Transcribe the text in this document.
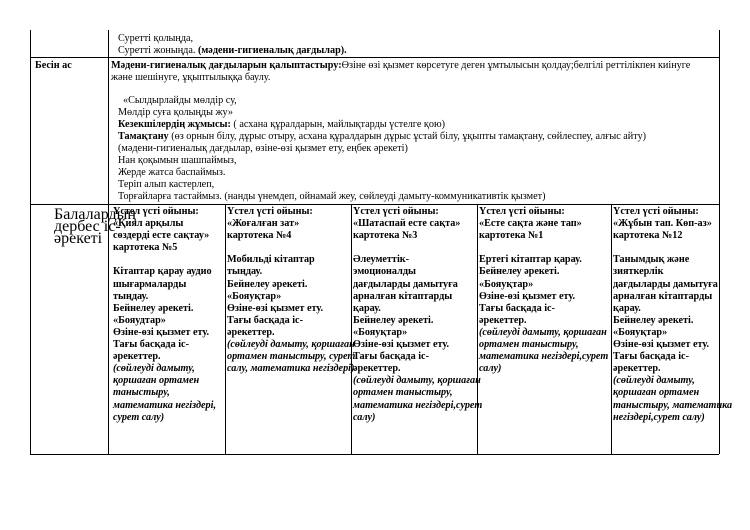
Суреттi қолыңда,
Суреттi жоныңда. (мәдени-гигиеналық дағдылар).
Бесін ас	Мәдени-гигиеналық дағдыларын қалыптастыру:Өзіне өзі қызмет көрсетуге деген ұмтылысын қолдау;белгілі реттілікпен киінуге
және шешінуге, ұқыптылыққа баулу.
«Сылдырлайды мөлдір су,
Мөлдір суға қолыңды жу»
Кезекшілердің жұмысы: ( асхана құралдарын, майлықтарды үстелге қою)
Тамақтану (өз орнын білу, дұрыс отыру, асхана құралдарын дұрыс ұстай білу, ұқыпты тамақтану, сөйлеспеу, алғыс айту)
(мәдени-гигиеналық дағдылар, өзіне-өзі қызмет ету, еңбек әрекеті)
Нан қоқымын шашпаймыз,
Жерде жатса баспаймыз.
Теріп алып кастерлеп,
Торғайларға тастаймыз. (нанды үнемдеп, ойнамай жеу, сөйлеуді дамыту-коммуникативтік қызмет)
Балалардың
дербес іс-
әрекеті
Үстел үсті ойыны:
«Қиял арқылы
сөздерді есте сақтау»
картотека №5
Кітаптар қарау аудио
шығармаларды
тыңдау.
Бейнелеу әрекеті.
«Бояудтар»
Өзіне-өзі қызмет ету.
Тағы басқада іс-
әрекеттер.
(сөйлеуді дамыту,
қоршаған ортамен
таныстыру,
математика негіздері,
сурет салу)
Үстел үсті ойыны:
«Жоғалған зат»
картотека №4
Мобильді кітаптар
тыңдау.
Бейнелеу әрекеті.
«Бояуқтар»
Өзіне-өзі қызмет ету.
Тағы басқада іс-
әрекеттер.
(сөйлеуді дамыту, қоршаған
ортамен таныстыру, сурет
салу, математика негіздері)
Үстел үсті ойыны:
«Шатаспай есте сақта»
картотека №3
Әлеуметтік-
эмоционалды
дағдыларды дамытуға
арналған кітаптарды
қарау.
Бейнелеу әрекеті.
«Бояуқтар»
Өзіне-өзі қызмет ету.
Тағы басқада іс-
әрекеттер.
(сөйлеуді дамыту, қоршаған
ортамен таныстыру,
математика негіздері,сурет
салу)
Үстел үсті ойыны:
«Есте сақта және тап»
картотека №1
Ертегі кітаптар қарау.
Бейнелеу әрекеті.
«Бояуқтар»
Өзіне-өзі қызмет ету.
Тағы басқада іс-
әрекеттер.
(сөйлеуді дамыту, қоршаған
ортамен таныстыру,
математика негіздері,сурет
салу)
Үстел үсті ойыны:
«Жұбын тап. Көп-аз»
картотека №12
Танымдық және
зияткерлік
дағдыларды дамытуға
арналған кітаптарды
қарау.
Бейнелеу әрекеті.
«Бояуқтар»
Өзіне-өзі қызмет ету.
Тағы басқада іс-
әрекеттер.
(сөйлеуді дамыту,
қоршаған ортамен
таныстыру, математика
негіздері,сурет салу)
